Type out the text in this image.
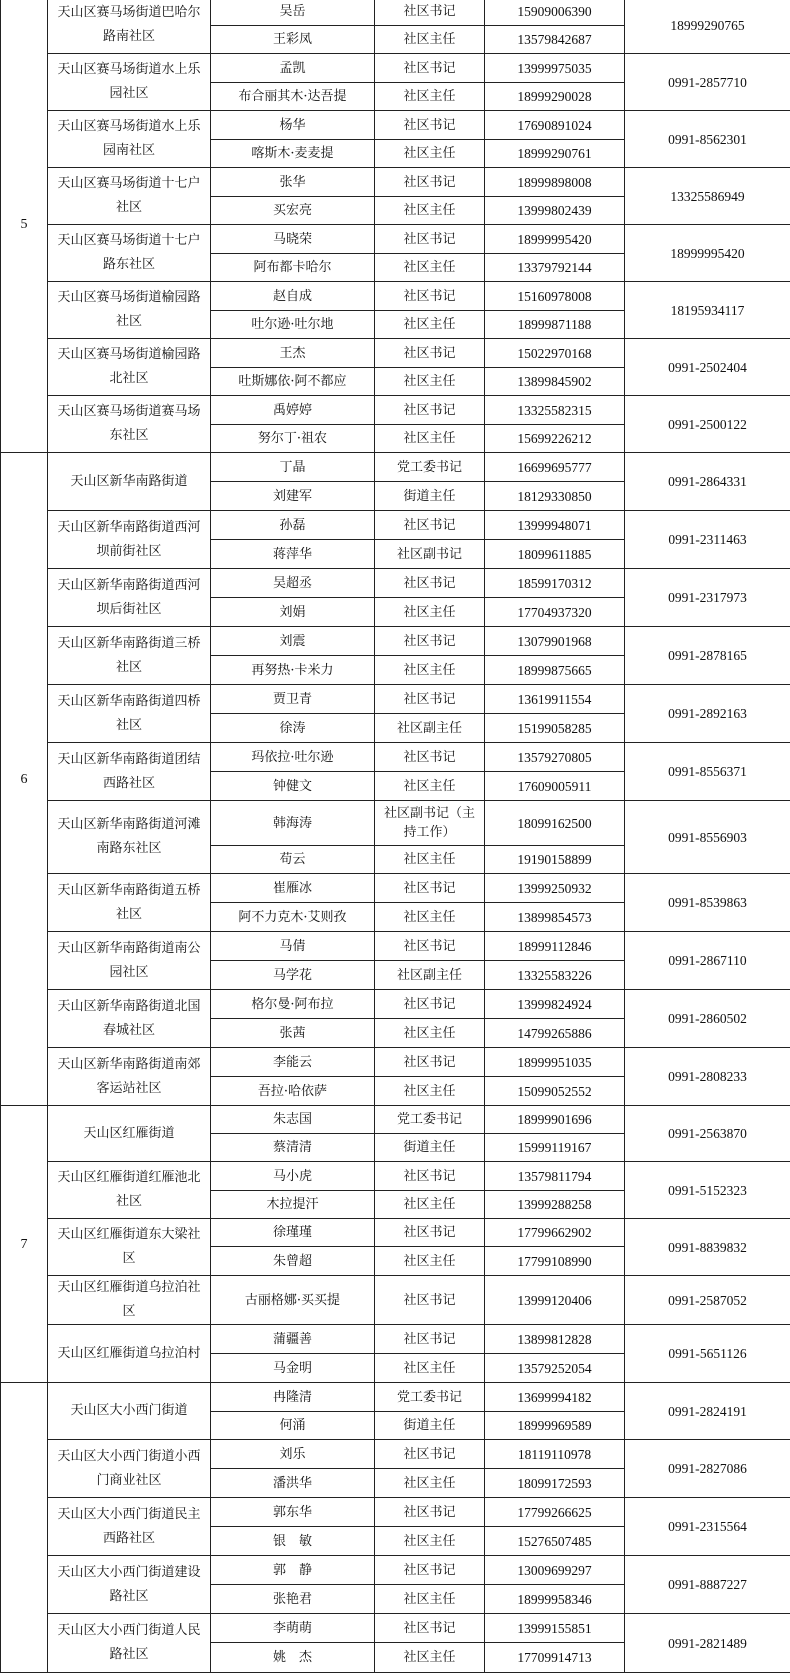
5	天山区赛马场街道巴哈尔路南社区	吴岳	社区书记	15909006390	18999290765
		王彩凤	社区主任	13579842687	
	天山区赛马场街道水上乐园社区	孟凯	社区书记	13999975035	0991-2857710
		布合丽其木·达吾提	社区主任	18999290028	
	天山区赛马场街道水上乐园南社区	杨华	社区书记	17690891024	0991-8562301
		喀斯木·麦麦提	社区主任	18999290761	
	天山区赛马场街道十七户社区	张华	社区书记	18999898008	13325586949
		买宏亮	社区主任	13999802439	
	天山区赛马场街道十七户路东社区	马晓荣	社区书记	18999995420	18999995420
		阿布都卡哈尔	社区主任	13379792144	
	天山区赛马场街道榆园路社区	赵自成	社区书记	15160978008	18195934117
		吐尔逊·吐尔地	社区主任	18999871188	
	天山区赛马场街道榆园路北社区	王杰	社区书记	15022970168	0991-2502404
		吐斯娜依·阿不都应	社区主任	13899845902	
	天山区赛马场街道赛马场东社区	禹婷婷	社区书记	13325582315	0991-2500122
		努尔丁·祖农	社区主任	15699226212	
6	天山区新华南路街道	丁晶	党工委书记	16699695777	0991-2864331
		刘建军	街道主任	18129330850	
	天山区新华南路街道西河坝前街社区	孙磊	社区书记	13999948071	0991-2311463
		蒋萍华	社区副书记	18099611885	
	天山区新华南路街道西河坝后街社区	吴超丞	社区书记	18599170312	0991-2317973
		刘娟	社区主任	17704937320	
	天山区新华南路街道三桥社区	刘震	社区书记	13079901968	0991-2878165
		再努热·卡米力	社区主任	18999875665	
	天山区新华南路街道四桥社区	贾卫青	社区书记	13619911554	0991-2892163
		徐涛	社区副主任	15199058285	
	天山区新华南路街道团结西路社区	玛依拉·吐尔逊	社区书记	13579270805	0991-8556371
		钟健文	社区主任	17609005911	
	天山区新华南路街道河滩南路东社区	韩海涛	社区副书记（主持工作）	18099162500	0991-8556903
		苟云	社区主任	19190158899	
	天山区新华南路街道五桥社区	崔雁冰	社区书记	13999250932	0991-8539863
		阿不力克木·艾则孜	社区主任	13899854573	
	天山区新华南路街道南公园社区	马倩	社区书记	18999112846	0991-2867110
		马学花	社区副主任	13325583226	
	天山区新华南路街道北国春城社区	格尔曼·阿布拉	社区书记	13999824924	0991-2860502
		张茜	社区主任	14799265886	
	天山区新华南路街道南郊客运站社区	李能云	社区书记	18999951035	0991-2808233
		吾拉·哈依萨	社区主任	15099052552	
7	天山区红雁街道	朱志国	党工委书记	18999901696	0991-2563870
		蔡清清	街道主任	15999119167	
	天山区红雁街道红雁池北社区	马小虎	社区书记	13579811794	0991-5152323
		木拉提汗	社区主任	13999288258	
	天山区红雁街道东大梁社区	徐瑾瑾	社区书记	17799662902	0991-8839832
		朱曾超	社区主任	17799108990	
	天山区红雁街道乌拉泊社区	古丽格娜·买买提	社区书记	13999120406	0991-2587052
	天山区红雁街道乌拉泊村	蒲疆善	社区书记	13899812828	0991-5651126
		马金明	社区主任	13579252054	
	天山区大小西门街道	冉隆清	党工委书记	13699994182	0991-2824191
		何涌	街道主任	18999969589	
	天山区大小西门街道小西门商业社区	刘乐	社区书记	18119110978	0991-2827086
		潘洪华	社区主任	18099172593	
	天山区大小西门街道民主西路社区	郭东华	社区书记	17799266625	0991-2315564
		银　敏	社区主任	15276507485	
	天山区大小西门街道建设路社区	郭　静	社区书记	13009699297	0991-8887227
		张艳君	社区主任	18999958346	
	天山区大小西门街道人民路社区	李萌萌	社区书记	13999155851	0991-2821489
		姚　杰	社区主任	17709914713	
